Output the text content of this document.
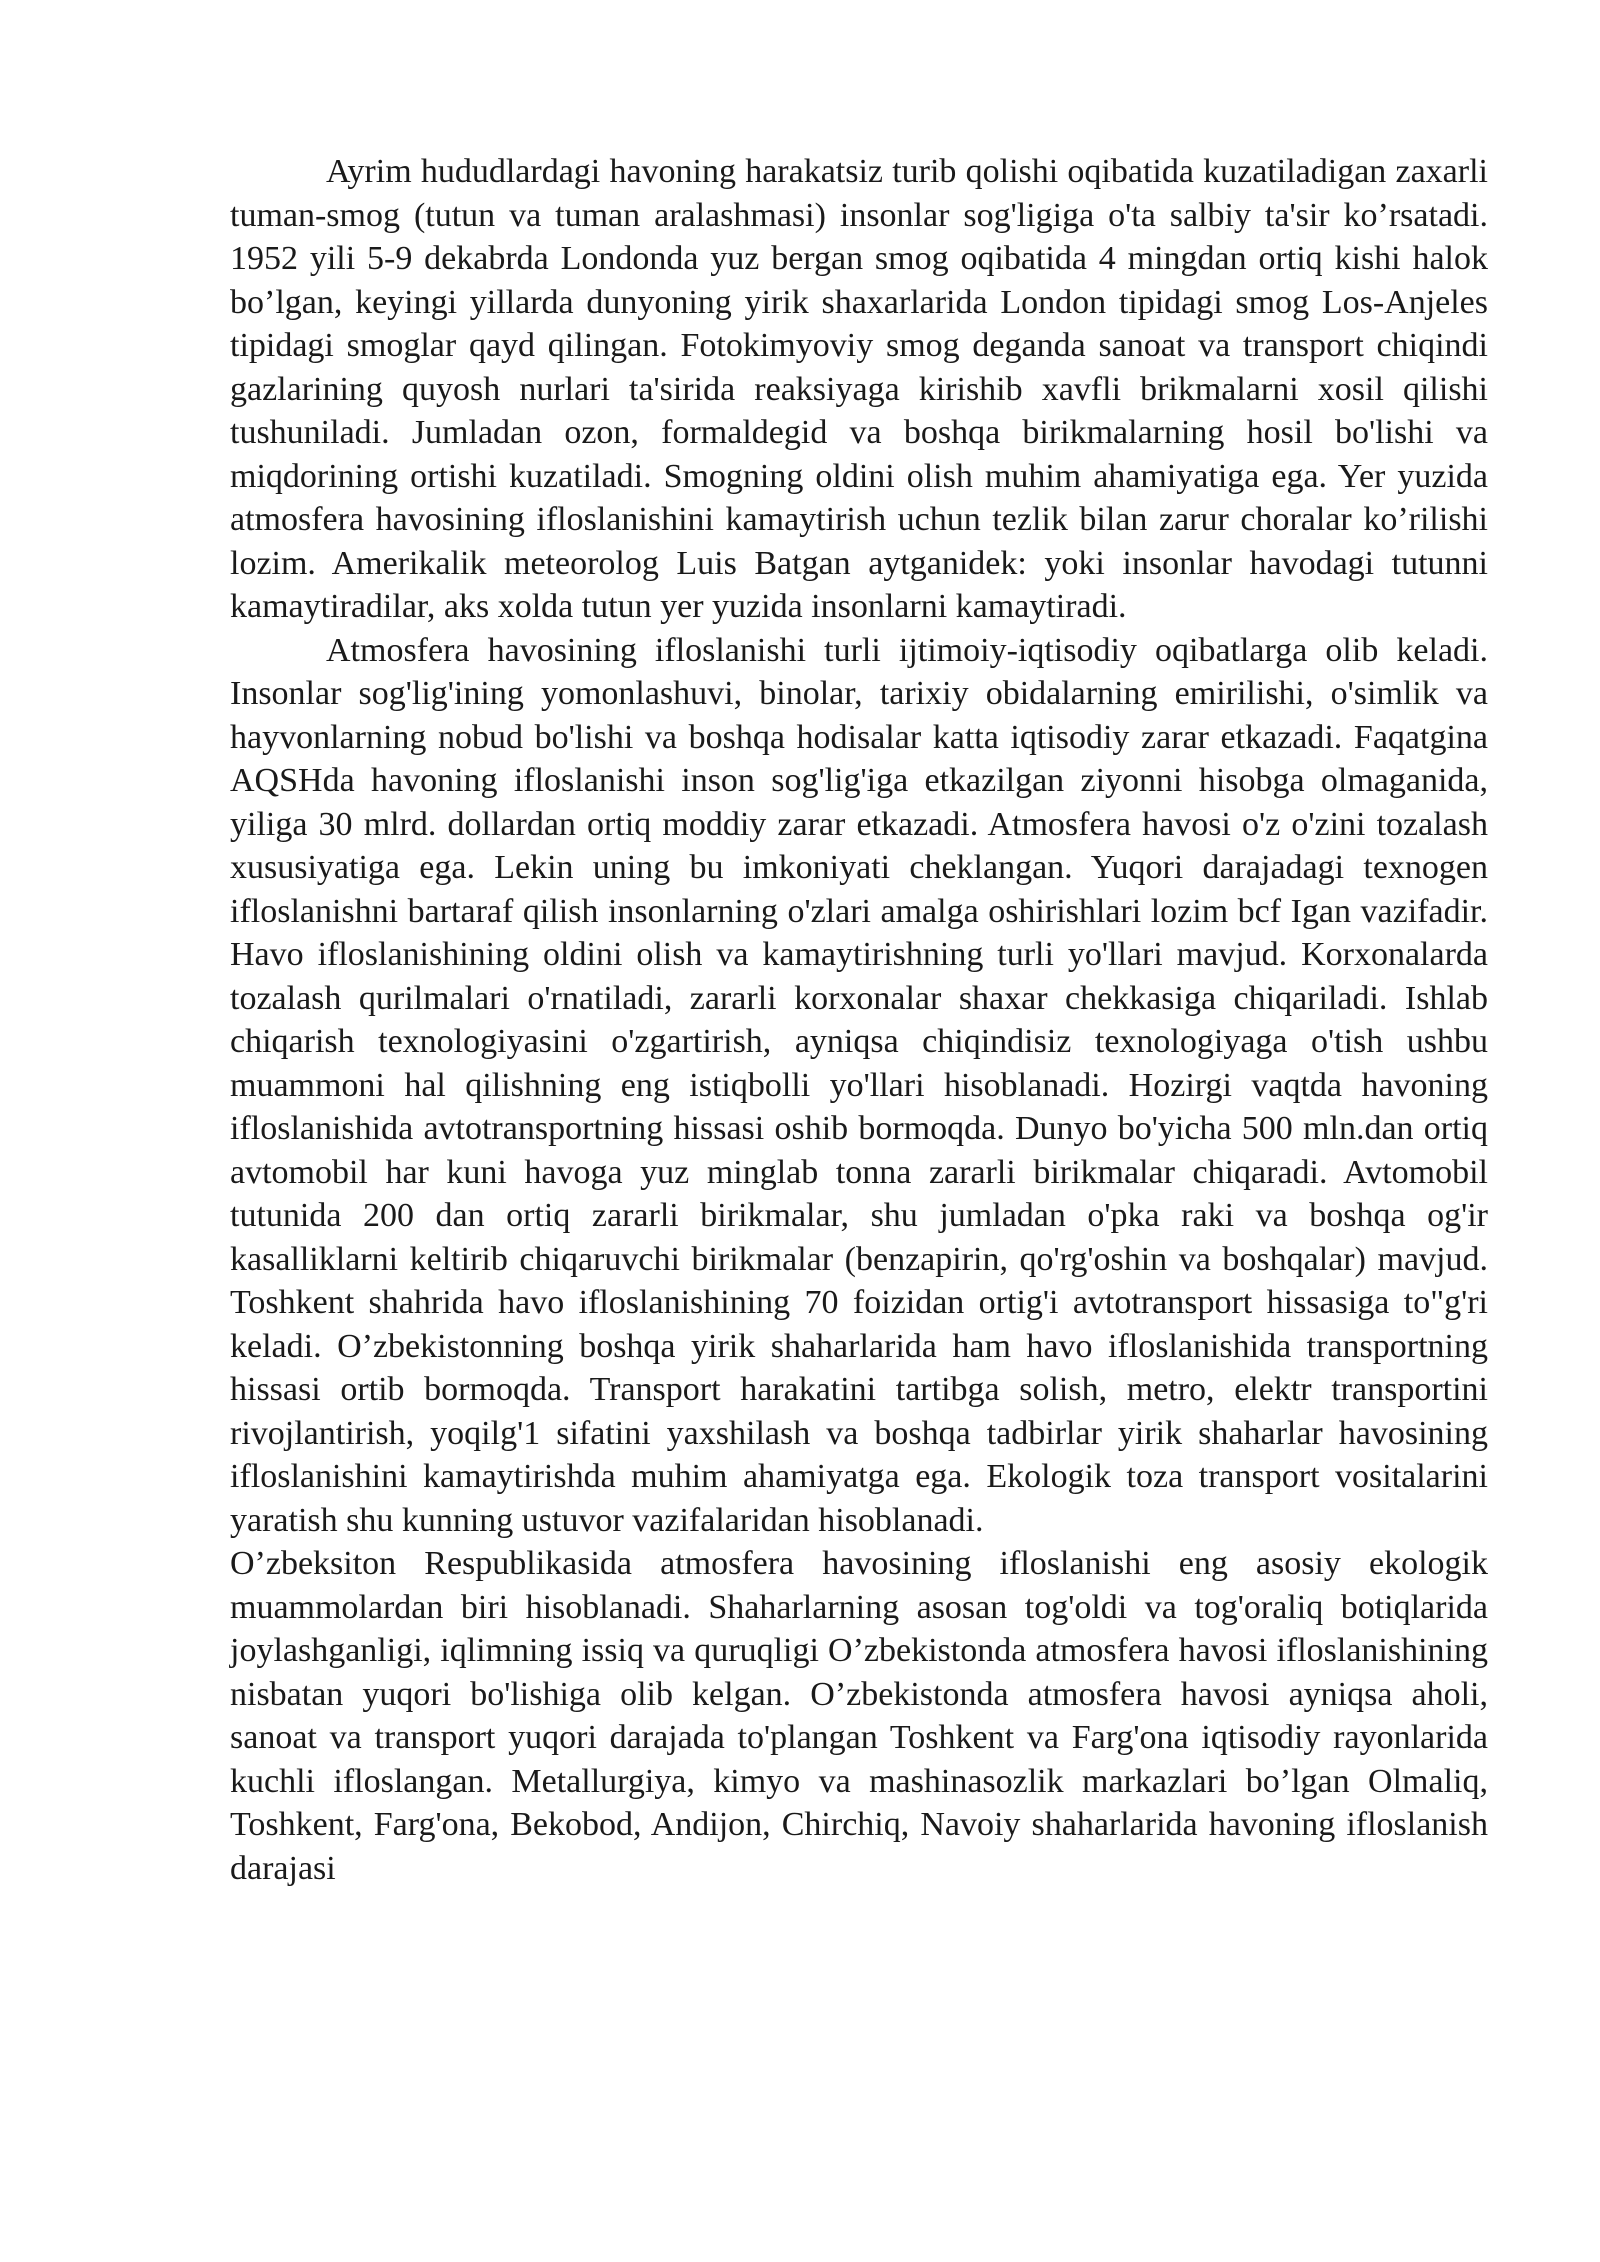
Ayrim hududlardagi havoning harakatsiz turib qolishi oqibatida kuzatiladigan zaxarli tuman-smog (tutun va tuman aralashmasi) insonlar sog'ligiga o'ta salbiy ta'sir ko’rsatadi. 1952 yili 5-9 dekabrda Londonda yuz bergan smog oqibatida 4 mingdan ortiq kishi halok bo’lgan, keyingi yillarda dunyoning yirik shaxarlarida London tipidagi smog Los-Anjeles tipidagi smoglar qayd qilingan. Fotokimyoviy smog deganda sanoat va transport chiqindi gazlarining quyosh nurlari ta'sirida reaksiyaga kirishib xavfli brikmalarni xosil qilishi tushuniladi. Jumladan ozon, formaldegid va boshqa birikmalarning hosil bo'lishi va miqdorining ortishi kuzatiladi. Smogning oldini olish muhim ahamiyatiga ega. Yer yuzida atmosfera havosining ifloslanishini kamaytirish uchun tezlik bilan zarur choralar ko’rilishi lozim. Amerikalik meteorolog Luis Batgan aytganidek: yoki insonlar havodagi tutunni kamaytiradilar, aks xolda tutun yer yuzida insonlarni kamaytiradi.

Atmosfera havosining ifloslanishi turli ijtimoiy-iqtisodiy oqibatlarga olib keladi. Insonlar sog'lig'ining yomonlashuvi, binolar, tarixiy obidalarning emirilishi, o'simlik va hayvonlarning nobud bo'lishi va boshqa hodisalar katta iqtisodiy zarar etkazadi. Faqatgina AQSHda havoning ifloslanishi inson sog'lig'iga etkazilgan ziyonni hisobga olmaganida, yiliga 30 mlrd. dollardan ortiq moddiy zarar etkazadi. Atmosfera havosi o'z o'zini tozalash xususiyatiga ega. Lekin uning bu imkoniyati cheklangan. Yuqori darajadagi texnogen ifloslanishni bartaraf qilish insonlarning o'zlari amalga oshirishlari lozim bcf Igan vazifadir. Havo ifloslanishining oldini olish va kamaytirishning turli yo'llari mavjud. Korxonalarda tozalash qurilmalari o'rnatiladi, zararli korxonalar shaxar chekkasiga chiqariladi. Ishlab chiqarish texnologiyasini o'zgartirish, ayniqsa chiqindisiz texnologiyaga o'tish ushbu muammoni hal qilishning eng istiqbolli yo'llari hisoblanadi. Hozirgi vaqtda havoning ifloslanishida avtotransportning hissasi oshib bormoqda. Dunyo bo'yicha 500 mln.dan ortiq avtomobil har kuni havoga yuz minglab tonna zararli birikmalar chiqaradi. Avtomobil tutunida 200 dan ortiq zararli birikmalar, shu jumladan o'pka raki va boshqa og'ir kasalliklarni keltirib chiqaruvchi birikmalar (benzapirin, qo'rg'oshin va boshqalar) mavjud. Toshkent shahrida havo ifloslanishining 70 foizidan ortig'i avtotransport hissasiga to"g'ri keladi. O’zbekistonning boshqa yirik shaharlarida ham havo ifloslanishida transportning hissasi ortib bormoqda. Transport harakatini tartibga solish, metro, elektr transportini rivojlantirish, yoqilg'1 sifatini yaxshilash va boshqa tadbirlar yirik shaharlar havosining ifloslanishini kamaytirishda muhim ahamiyatga ega. Ekologik toza transport vositalarini yaratish shu kunning ustuvor vazifalaridan hisoblanadi.

O’zbeksiton Respublikasida atmosfera havosining ifloslanishi eng asosiy ekologik muammolardan biri hisoblanadi. Shaharlarning asosan tog'oldi va tog'oraliq botiqlarida joylashganligi, iqlimning issiq va quruqligi O’zbekistonda atmosfera havosi ifloslanishining nisbatan yuqori bo'lishiga olib kelgan. O’zbekistonda atmosfera havosi ayniqsa aholi, sanoat va transport yuqori darajada to'plangan Toshkent va Farg'ona iqtisodiy rayonlarida kuchli ifloslangan. Metallurgiya, kimyo va mashinasozlik markazlari bo’lgan Olmaliq, Toshkent, Farg'ona, Bekobod, Andijon, Chirchiq, Navoiy shaharlarida havoning ifloslanish darajasi
